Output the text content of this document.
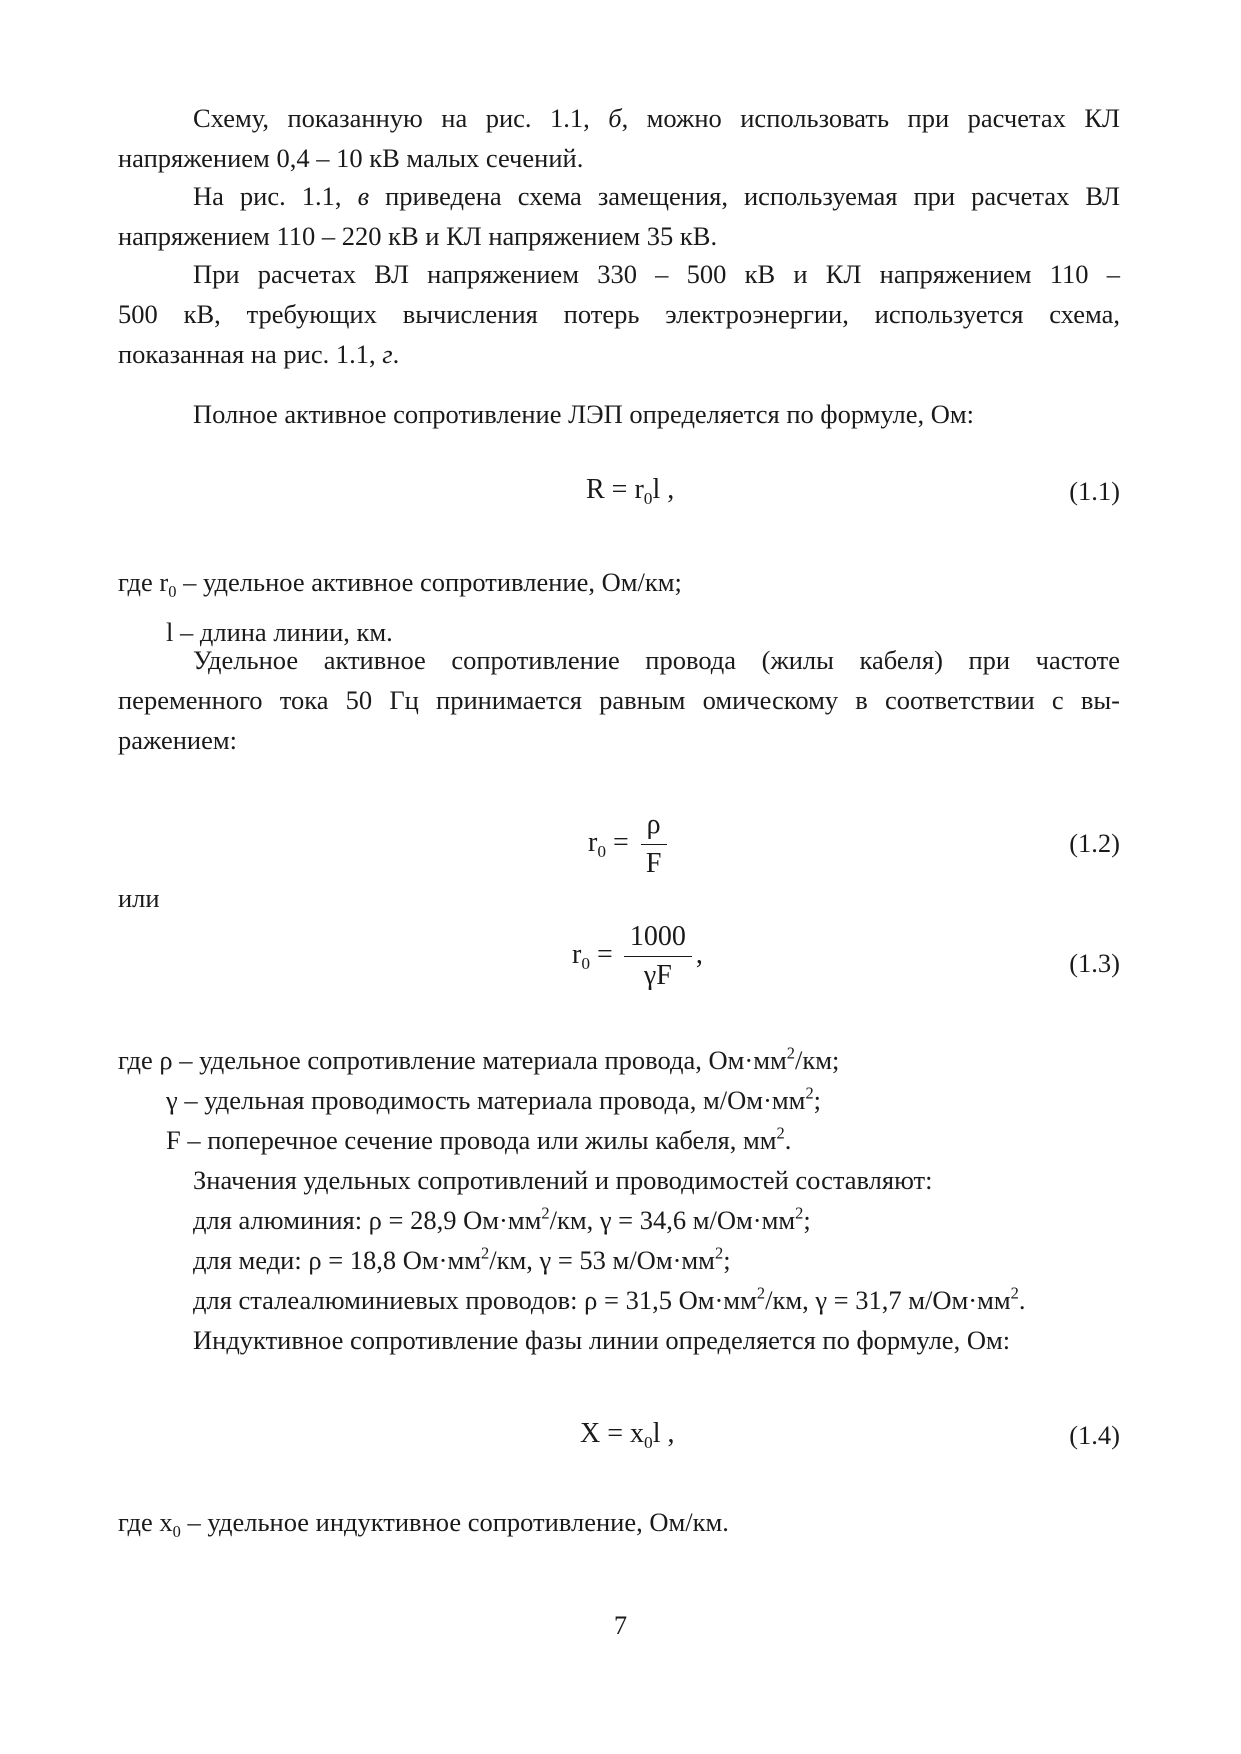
Схему, показанную на рис. 1.1, б, можно использовать при расчетах КЛ
напряжением 0,4 – 10 кВ малых сечений.
На рис. 1.1, в приведена схема замещения, используемая при расчетах ВЛ
напряжением 110 – 220 кВ и КЛ напряжением 35 кВ.
При расчетах ВЛ напряжением 330 – 500 кВ и КЛ напряжением 110 –
500 кВ, требующих вычисления потерь электроэнергии, используется схема,
показанная на рис. 1.1, г.
Полное активное сопротивление ЛЭП определяется по формуле, Ом:
$R = r_0l$ ,	(1.1)
где $r_0$ – удельное активное сопротивление, Ом/км;
l – длина линии, км.
Удельное активное сопротивление провода (жилы кабеля) при частоте
переменного тока 50 Гц принимается равным омическому в соответствии с вы-
ражением:
$r_0 = \frac{\rho}{F}$	(1.2)
или
$r_0 = \frac{1000}{\gamma F}$ ,	(1.3)
где ρ – удельное сопротивление материала провода, $Ом\cdot мм^2/км$;
γ – удельная проводимость материала провода, $м/Ом\cdot мм^2$;
F – поперечное сечение провода или жилы кабеля, $мм^2$.
Значения удельных сопротивлений и проводимостей составляют:
для алюминия: ρ = 28,9 $Ом\cdot мм^2/км$, γ = 34,6 $м/Ом\cdot мм^2$;
для меди: ρ = 18,8 $Ом\cdot мм^2/км$, γ = 53 $м/Ом\cdot мм^2$;
для сталеалюминиевых проводов: ρ = 31,5 $Ом\cdot мм^2/км$, γ = 31,7 $м/Ом\cdot мм^2$.
Индуктивное сопротивление фазы линии определяется по формуле, Ом:
$X = x_0l$ ,	(1.4)
где $x_0$ – удельное индуктивное сопротивление, Ом/км.
7
